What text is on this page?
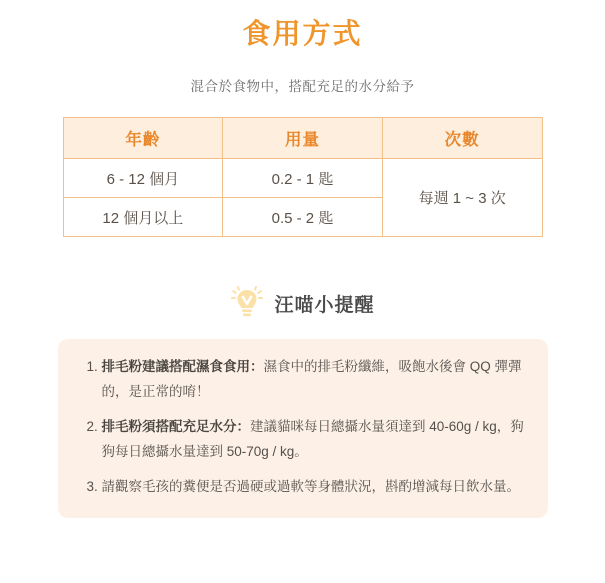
食用方式
混合於食物中，搭配充足的水分給予
年齡	用量	次數
6 - 12 個月	0.2 - 1 匙	每週 1 ~ 3 次
12 個月以上	0.5 - 2 匙	
汪喵小提醒
1. 排毛粉建議搭配濕食食用：濕食中的排毛粉纖維，吸飽水後會 QQ 彈彈的，是正常的唷！
2. 排毛粉須搭配充足水分：建議貓咪每日總攝水量須達到 40-60g / kg，狗狗每日總攝水量達到 50-70g / kg。
3. 請觀察毛孩的糞便是否過硬或過軟等身體狀況，斟酌增減每日飲水量。
